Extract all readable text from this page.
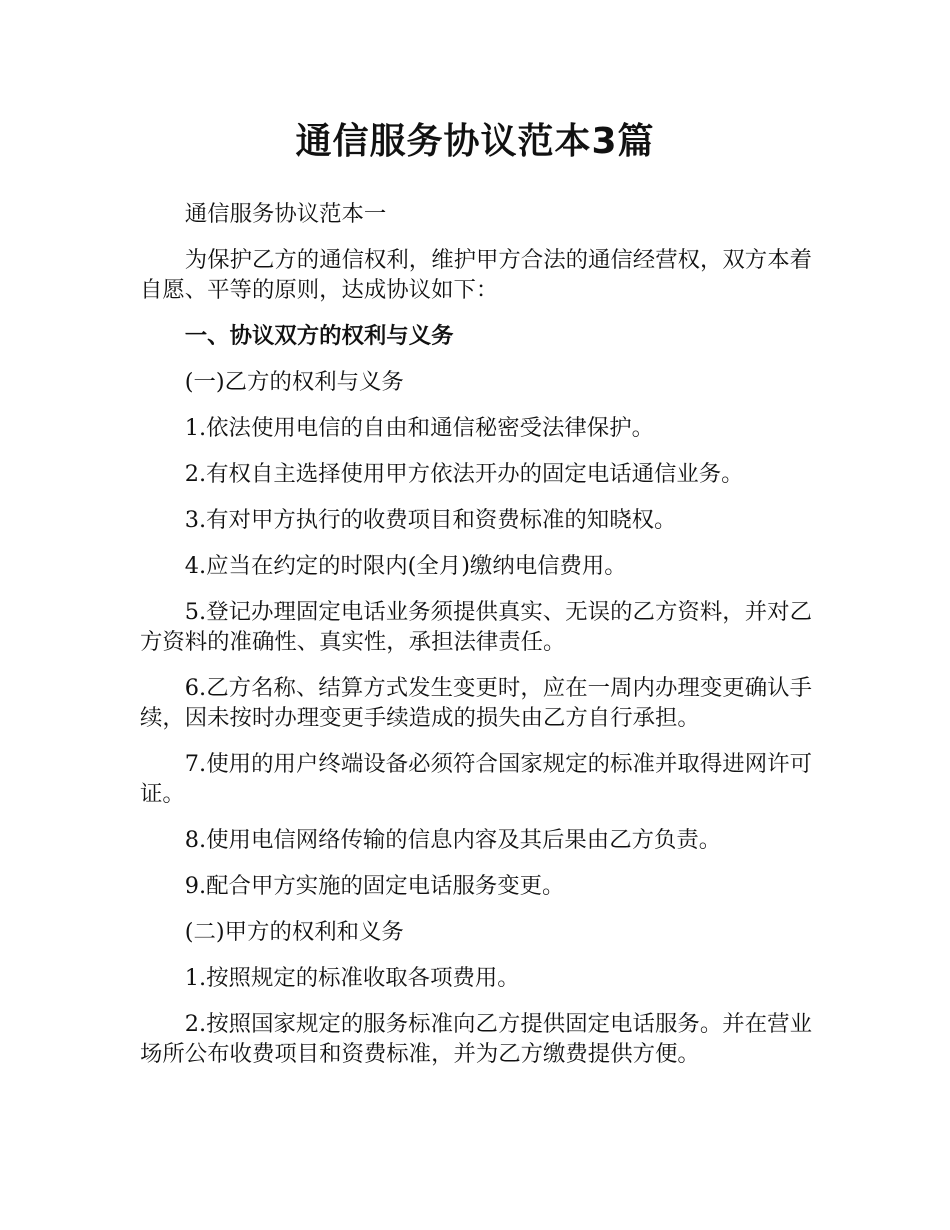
通信服务协议范本3篇

通信服务协议范本一

为保护乙方的通信权利，维护甲方合法的通信经营权，双方本着自愿、平等的原则，达成协议如下：

一、协议双方的权利与义务

(一)乙方的权利与义务

1.依法使用电信的自由和通信秘密受法律保护。

2.有权自主选择使用甲方依法开办的固定电话通信业务。

3.有对甲方执行的收费项目和资费标准的知晓权。

4.应当在约定的时限内(全月)缴纳电信费用。

5.登记办理固定电话业务须提供真实、无误的乙方资料，并对乙方资料的准确性、真实性，承担法律责任。

6.乙方名称、结算方式发生变更时，应在一周内办理变更确认手续，因未按时办理变更手续造成的损失由乙方自行承担。

7.使用的用户终端设备必须符合国家规定的标准并取得进网许可证。

8.使用电信网络传输的信息内容及其后果由乙方负责。

9.配合甲方实施的固定电话服务变更。

(二)甲方的权利和义务

1.按照规定的标准收取各项费用。

2.按照国家规定的服务标准向乙方提供固定电话服务。并在营业场所公布收费项目和资费标准，并为乙方缴费提供方便。
